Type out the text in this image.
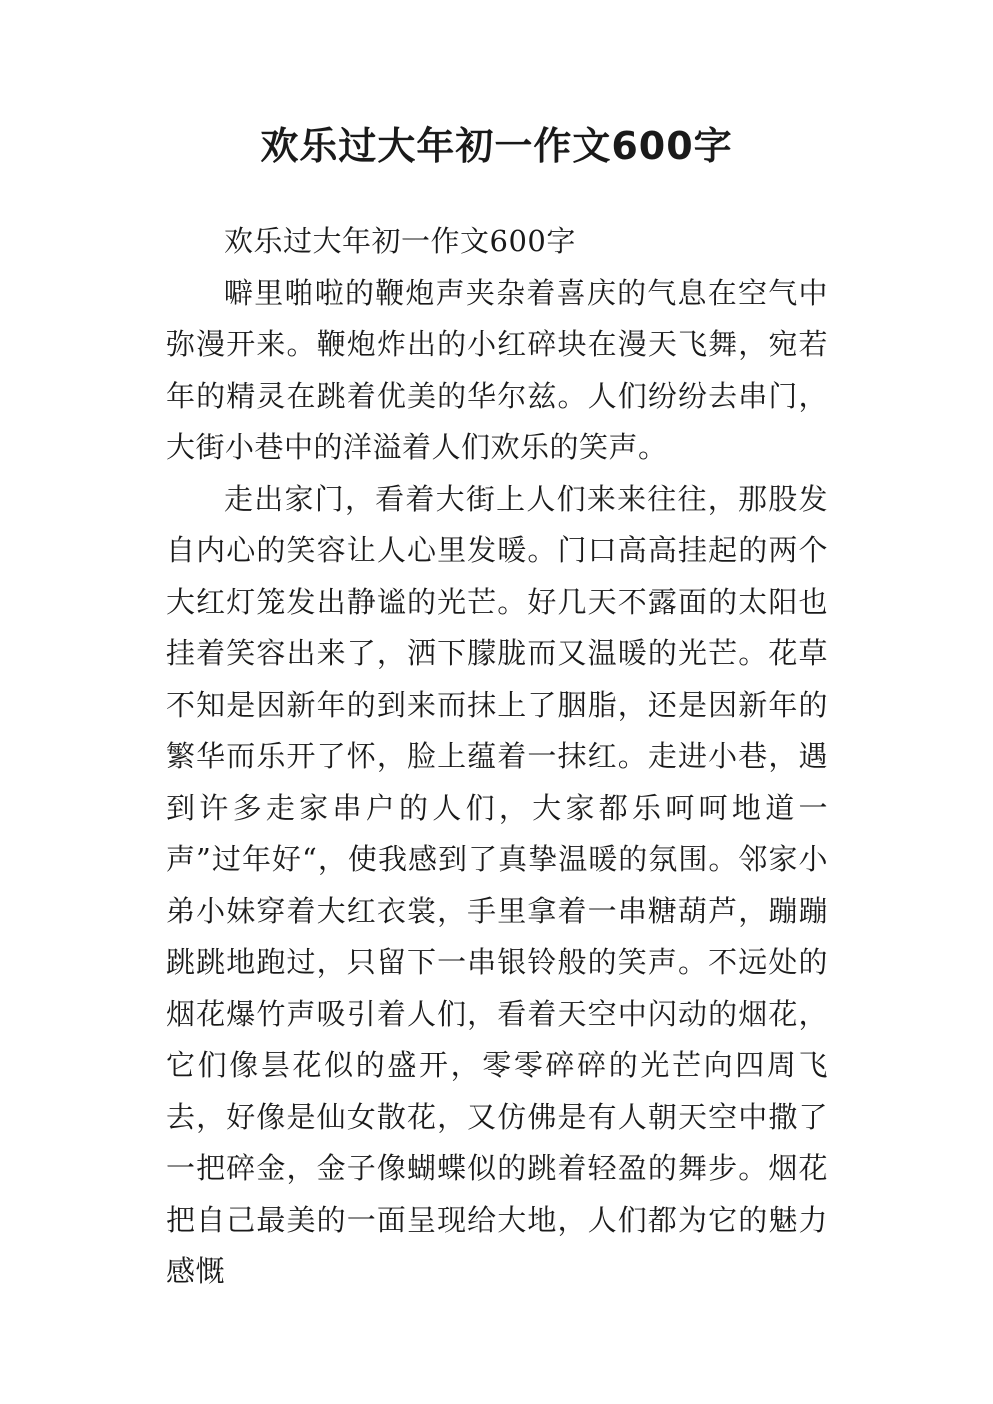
欢乐过大年初一作文600字

欢乐过大年初一作文600字

噼里啪啦的鞭炮声夹杂着喜庆的气息在空气中弥漫开来。鞭炮炸出的小红碎块在漫天飞舞，宛若年的精灵在跳着优美的华尔兹。人们纷纷去串门，大街小巷中的洋溢着人们欢乐的笑声。

走出家门，看着大街上人们来来往往，那股发自内心的笑容让人心里发暖。门口高高挂起的两个大红灯笼发出静谧的光芒。好几天不露面的太阳也挂着笑容出来了，洒下朦胧而又温暖的光芒。花草不知是因新年的到来而抹上了胭脂，还是因新年的繁华而乐开了怀，脸上蕴着一抹红。走进小巷，遇到许多走家串户的人们，大家都乐呵呵地道一声”过年好“，使我感到了真挚温暖的氛围。邻家小弟小妹穿着大红衣裳，手里拿着一串糖葫芦，蹦蹦跳跳地跑过，只留下一串银铃般的笑声。不远处的烟花爆竹声吸引着人们，看着天空中闪动的烟花，它们像昙花似的盛开，零零碎碎的光芒向四周飞去，好像是仙女散花，又仿佛是有人朝天空中撒了一把碎金，金子像蝴蝶似的跳着轻盈的舞步。烟花把自己最美的一面呈现给大地，人们都为它的魅力感慨
